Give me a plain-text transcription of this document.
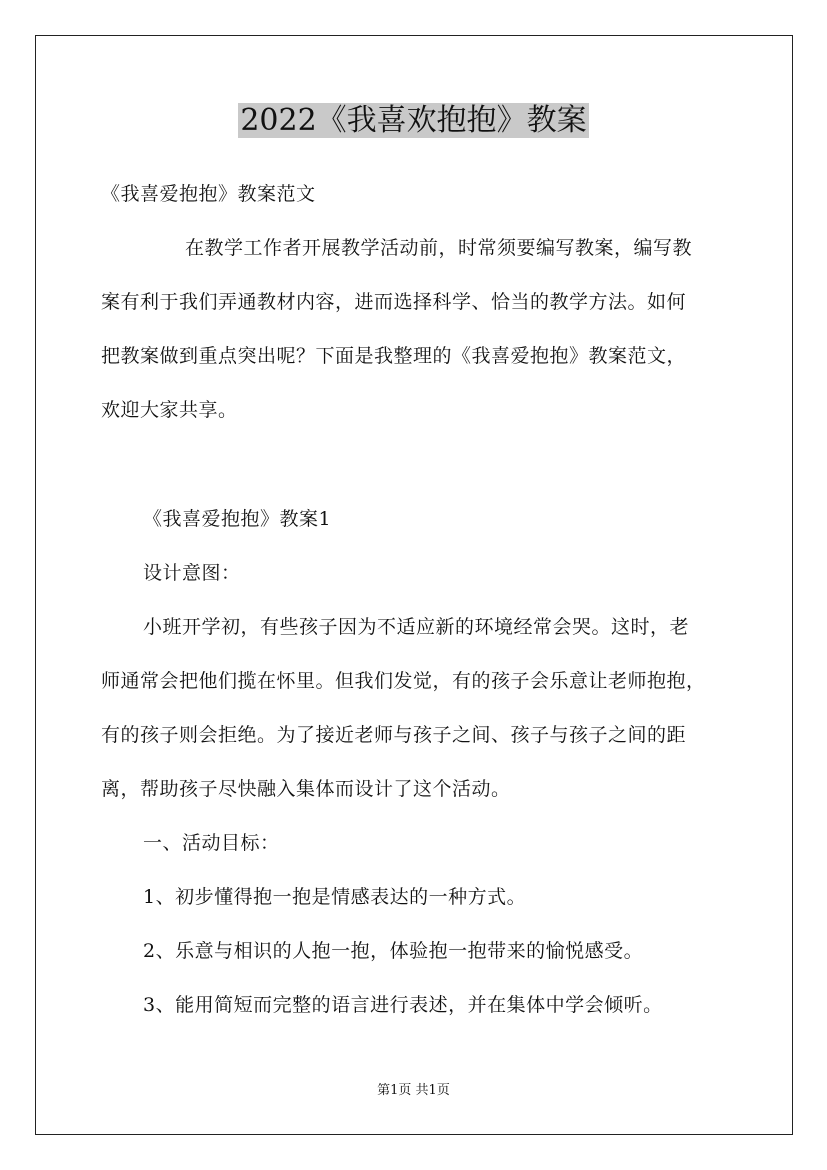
2022《我喜欢抱抱》教案
《我喜爱抱抱》教案范文
在教学工作者开展教学活动前，时常须要编写教案，编写教
案有利于我们弄通教材内容，进而选择科学、恰当的教学方法。如何
把教案做到重点突出呢？下面是我整理的《我喜爱抱抱》教案范文，
欢迎大家共享。
《我喜爱抱抱》教案1
设计意图：
小班开学初，有些孩子因为不适应新的环境经常会哭。这时，老
师通常会把他们揽在怀里。但我们发觉，有的孩子会乐意让老师抱抱，
有的孩子则会拒绝。为了接近老师与孩子之间、孩子与孩子之间的距
离，帮助孩子尽快融入集体而设计了这个活动。
一、活动目标：
1、初步懂得抱一抱是情感表达的一种方式。
2、乐意与相识的人抱一抱，体验抱一抱带来的愉悦感受。
3、能用简短而完整的语言进行表述，并在集体中学会倾听。
第1页 共1页
